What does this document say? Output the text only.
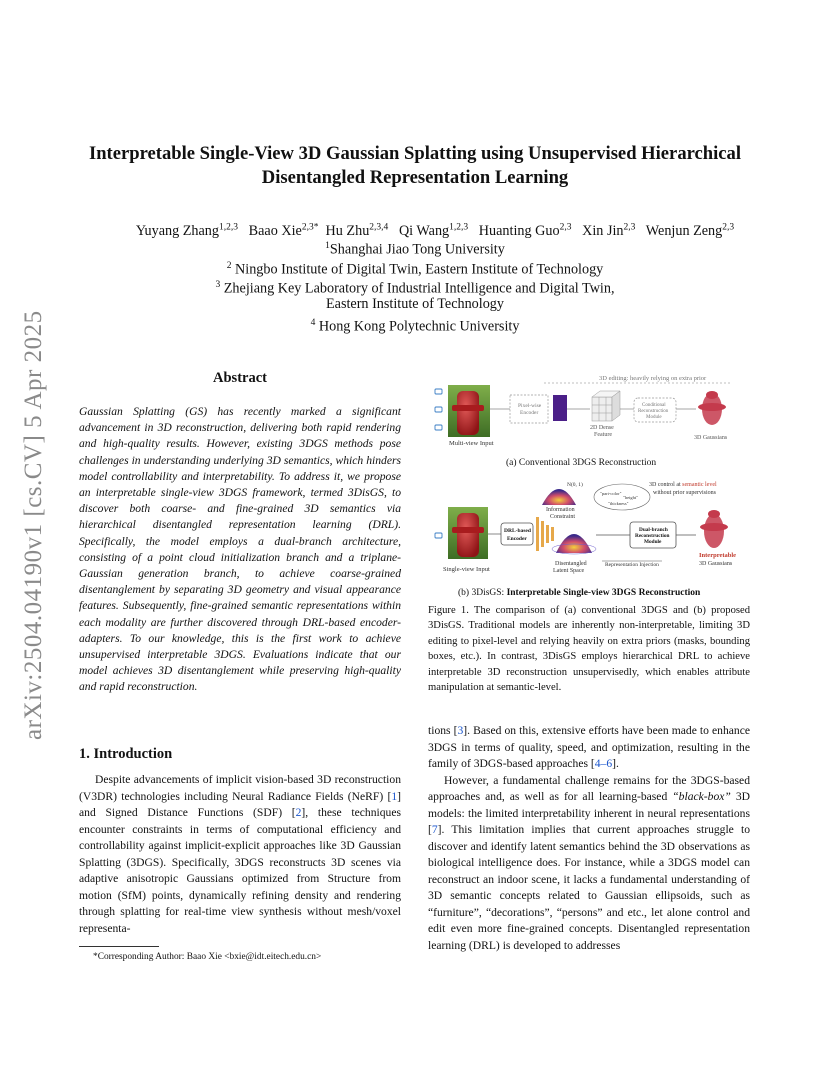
arXiv:2504.04190v1 [cs.CV] 5 Apr 2025
Interpretable Single-View 3D Gaussian Splatting using Unsupervised Hierarchical Disentangled Representation Learning
Yuyang Zhang$^{1,2,3}$ Baao Xie$^{2,3*}$ Hu Zhu$^{2,3,4}$ Qi Wang$^{1,2,3}$ Huanting Guo$^{2,3}$ Xin Jin$^{2,3}$ Wenjun Zeng$^{2,3}$
$^1$Shanghai Jiao Tong University
$^2$ Ningbo Institute of Digital Twin, Eastern Institute of Technology
$^3$ Zhejiang Key Laboratory of Industrial Intelligence and Digital Twin,
Eastern Institute of Technology
$^4$ Hong Kong Polytechnic University
Abstract
Gaussian Splatting (GS) has recently marked a significant advancement in 3D reconstruction, delivering both rapid rendering and high-quality results. However, existing 3DGS methods pose challenges in understanding underlying 3D semantics, which hinders model controllability and interpretability. To address it, we propose an interpretable single-view 3DGS framework, termed 3DisGS, to discover both coarse- and fine-grained 3D semantics via hierarchical disentangled representation learning (DRL). Specifically, the model employs a dual-branch architecture, consisting of a point cloud initialization branch and a triplane-Gaussian generation branch, to achieve coarse-grained disentanglement by separating 3D geometry and visual appearance features. Subsequently, fine-grained semantic representations within each modality are further discovered through DRL-based encoder-adapters. To our knowledge, this is the first work to achieve unsupervised interpretable 3DGS. Evaluations indicate that our model achieves 3D disentanglement while preserving high-quality and rapid reconstruction.
1. Introduction
Despite advancements of implicit vision-based 3D reconstruction (V3DR) technologies including Neural Radiance Fields (NeRF) [1] and Signed Distance Functions (SDF) [2], these techniques encounter constraints in terms of computational efficiency and controllability against implicit-explicit approaches like 3D Gaussian Splatting (3DGS). Specifically, 3DGS reconstructs 3D scenes via adaptive anisotropic Gaussians optimized from Structure from motion (SfM) points, dynamically refining density and rendering through splatting for real-time view synthesis without mesh/voxel representa-
*Corresponding Author: Baao Xie <bxie@idt.eitech.edu.cn>
3D editing: heavily relying on extra prior
Multi-view Input
Pixel-wise
Encoder
2D Dense
Feature
Conditional
Reconstruction
Module
3D Gaussians
(a) Conventional 3DGS Reconstruction
N(0, 1)
Information
Constraint
"part-color"
"height"
"thickness"
3D control at semantic level
without prior supervisions
Single-view Input
DRL-based
Encoder
Disentangled
Latent Space
Representation Injection
Dual-branch
Reconstruction
Module
Interpretable
3D Gaussians
(b) 3DisGS: Interpretable Single-view 3DGS Reconstruction
Figure 1. The comparison of (a) conventional 3DGS and (b) proposed 3DisGS. Traditional models are inherently non-interpretable, limiting 3D editing to pixel-level and relying heavily on extra priors (masks, bounding boxes, etc.). In contrast, 3DisGS employs hierarchical DRL to achieve interpretable 3D reconstruction unsupervisedly, which enables attribute manipulation at semantic-level.

tions [3]. Based on this, extensive efforts have been made to enhance 3DGS in terms of quality, speed, and optimization, resulting in the family of 3DGS-based approaches [4–6].

However, a fundamental challenge remains for the 3DGS-based approaches and, as well as for all learning-based “black-box” 3D models: the limited interpretability inherent in neural representations [7]. This limitation implies that current approaches struggle to discover and identify latent semantics behind the 3D observations as biological intelligence does. For instance, while a 3DGS model can reconstruct an indoor scene, it lacks a fundamental understanding of 3D semantic concepts related to Gaussian ellipsoids, such as “furniture”, “decorations”, “persons” and etc., let alone control and edit even more fine-grained concepts. Disentangled representation learning (DRL) is developed to addresses
